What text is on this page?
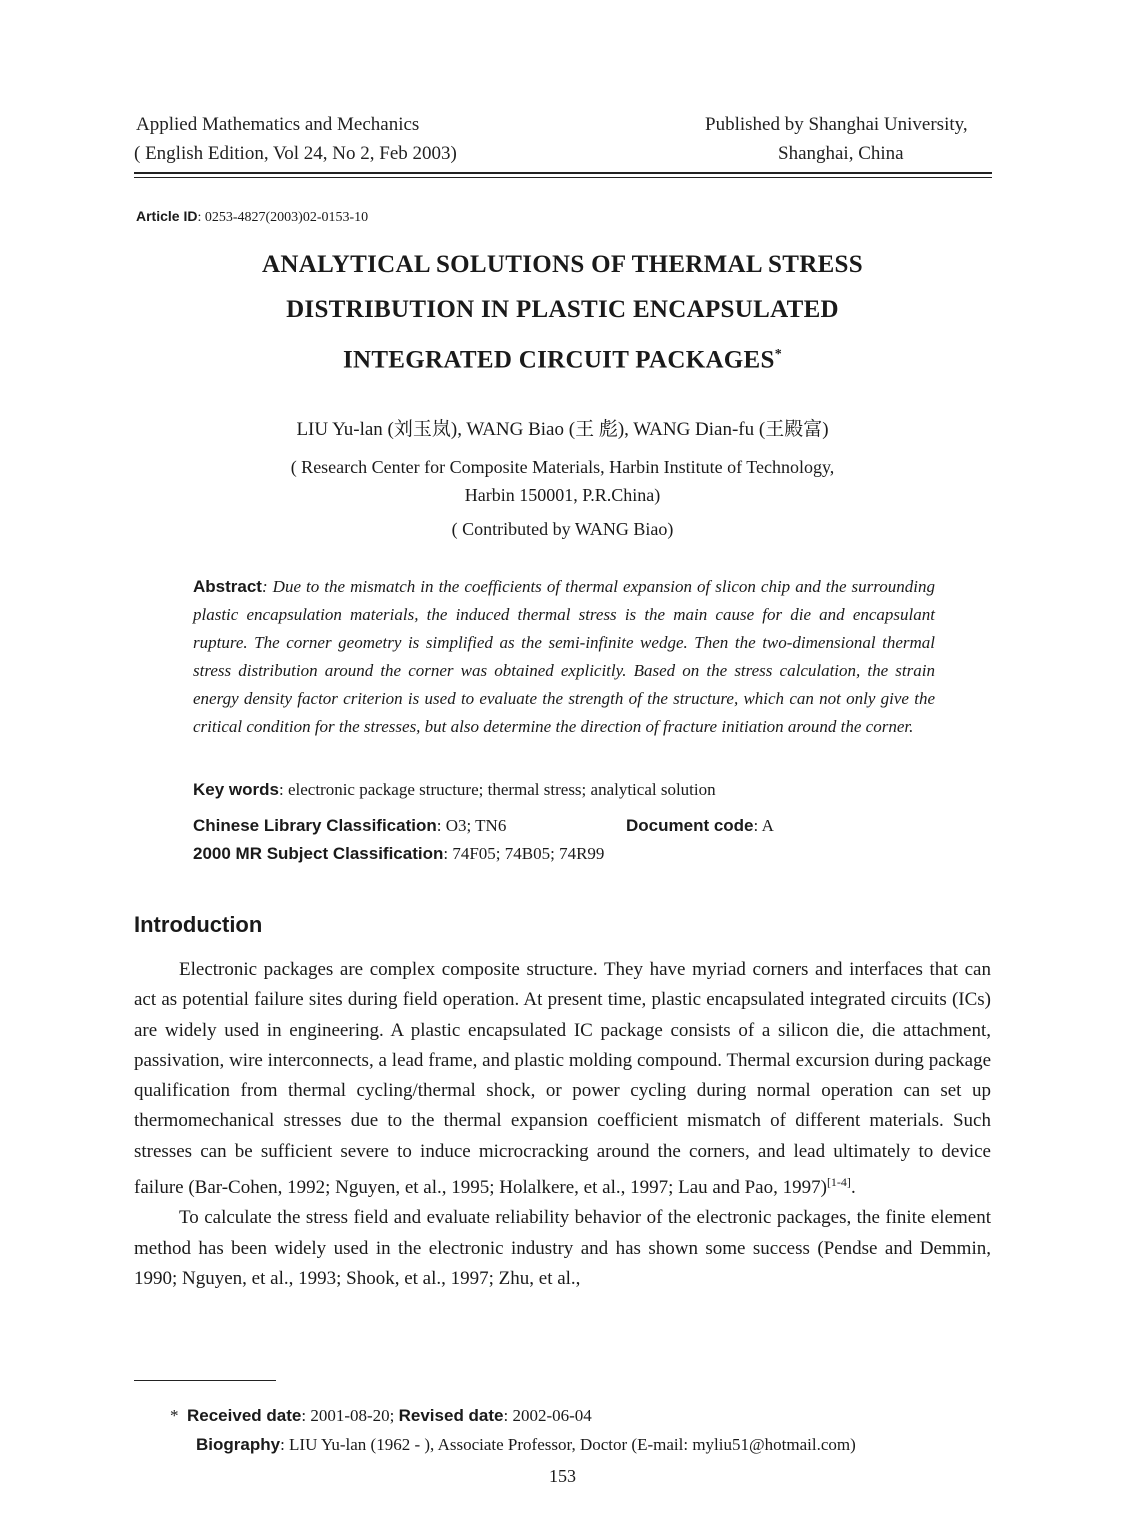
Applied Mathematics and Mechanics
( English Edition, Vol 24, No 2, Feb 2003)
Published by Shanghai University,
Shanghai, China
Article ID: 0253-4827(2003)02-0153-10
ANALYTICAL SOLUTIONS OF THERMAL STRESS
DISTRIBUTION IN PLASTIC ENCAPSULATED
INTEGRATED CIRCUIT PACKAGES*
LIU Yu-lan (刘玉岚), WANG Biao (王 彪), WANG Dian-fu (王殿富)
( Research Center for Composite Materials, Harbin Institute of Technology,
Harbin 150001, P.R.China)
( Contributed by WANG Biao)
Abstract: Due to the mismatch in the coefficients of thermal expansion of slicon chip and the surrounding plastic encapsulation materials, the induced thermal stress is the main cause for die and encapsulant rupture. The corner geometry is simplified as the semi-infinite wedge. Then the two-dimensional thermal stress distribution around the corner was obtained explicitly. Based on the stress calculation, the strain energy density factor criterion is used to evaluate the strength of the structure, which can not only give the critical condition for the stresses, but also determine the direction of fracture initiation around the corner.
Key words: electronic package structure; thermal stress; analytical solution
Chinese Library Classification: O3; TN6	Document code: A
2000 MR Subject Classification: 74F05; 74B05; 74R99
Introduction

Electronic packages are complex composite structure. They have myriad corners and interfaces that can act as potential failure sites during field operation. At present time, plastic encapsulated integrated circuits (ICs) are widely used in engineering. A plastic encapsulated IC package consists of a silicon die, die attachment, passivation, wire interconnects, a lead frame, and plastic molding compound. Thermal excursion during package qualification from thermal cycling/thermal shock, or power cycling during normal operation can set up thermomechanical stresses due to the thermal expansion coefficient mismatch of different materials. Such stresses can be sufficient severe to induce microcracking around the corners, and lead ultimately to device failure (Bar-Cohen, 1992; Nguyen, et al., 1995; Holalkere, et al., 1997; Lau and Pao, 1997)[1-4].

To calculate the stress field and evaluate reliability behavior of the electronic packages, the finite element method has been widely used in the electronic industry and has shown some success (Pendse and Demmin, 1990; Nguyen, et al., 1993; Shook, et al., 1997; Zhu, et al.,

* Received date: 2001-08-20; Revised date: 2002-06-04
Biography: LIU Yu-lan (1962 - ), Associate Professor, Doctor (E-mail: myliu51@hotmail.com)
153
